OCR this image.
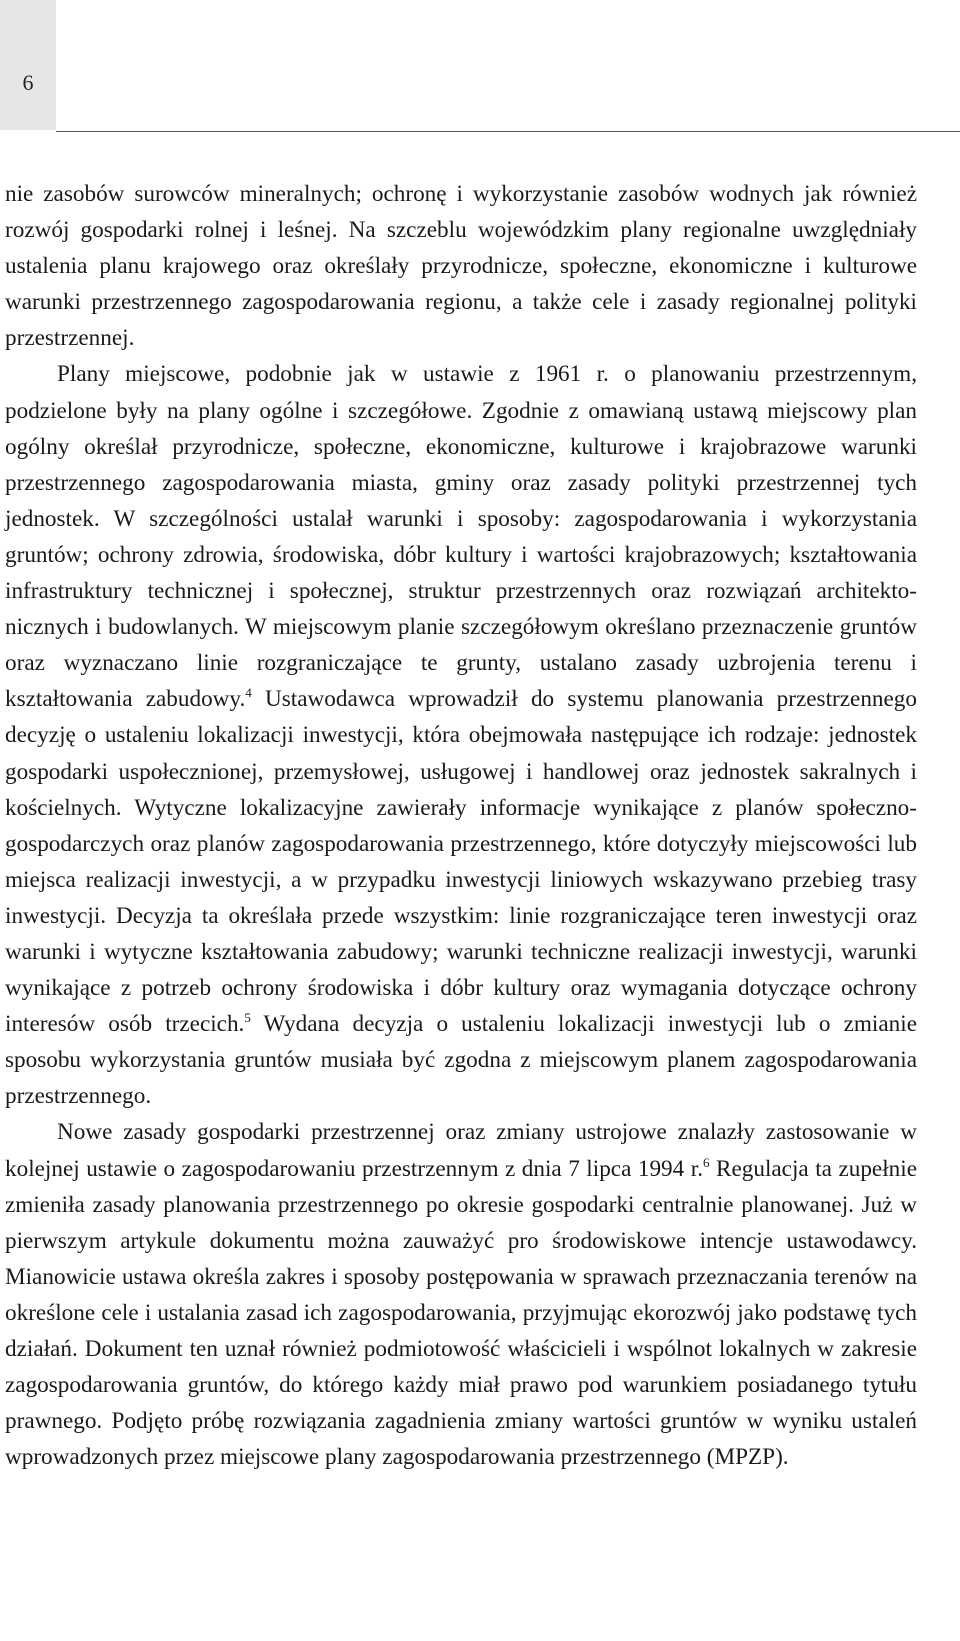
6

nie zasobów surowców mineralnych; ochronę i wykorzystanie zasobów wodnych jak również rozwój gospodarki rolnej i leśnej. Na szczeblu wojewódzkim plany regionalne uwzględniały ustalenia planu krajowego oraz określały przyrodnicze, społeczne, ekonomiczne i kulturowe warunki przestrzennego zagospodarowania regionu, a także cele i zasady regionalnej polityki przestrzennej.

Plany miejscowe, podobnie jak w ustawie z 1961 r. o planowaniu przestrzennym, podzielone były na plany ogólne i szczegółowe. Zgodnie z omawianą ustawą miejscowy plan ogólny określał przyrodnicze, społeczne, ekonomiczne, kulturowe i krajobrazowe warunki przestrzennego zagospodarowania miasta, gminy oraz zasady polityki przestrzennej tych jednostek. W szczególności ustalał warunki i sposoby: zagospodarowania i wykorzystania gruntów; ochrony zdrowia, środowiska, dóbr kultury i wartości krajobrazowych; kształtowania infrastruktury technicznej i społecznej, struktur przestrzennych oraz rozwiązań architektonicznych i budowlanych. W miejscowym planie szczegółowym określano przeznaczenie gruntów oraz wyznaczano linie rozgraniczające te grunty, ustalano zasady uzbrojenia terenu i kształtowania zabudowy.$^4$ Ustawodawca wprowadził do systemu planowania przestrzennego decyzję o ustaleniu lokalizacji inwestycji, która obejmowała następujące ich rodzaje: jednostek gospodarki uspołecznionej, przemysłowej, usługowej i handlowej oraz jednostek sakralnych i kościelnych. Wytyczne lokalizacyjne zawierały informacje wynikające z planów społecznogospodarczych oraz planów zagospodarowania przestrzennego, które dotyczyły miejscowości lub miejsca realizacji inwestycji, a w przypadku inwestycji liniowych wskazywano przebieg trasy inwestycji. Decyzja ta określała przede wszystkim: linie rozgraniczające teren inwestycji oraz warunki i wytyczne kształtowania zabudowy; warunki techniczne realizacji inwestycji, warunki wynikające z potrzeb ochrony środowiska i dóbr kultury oraz wymagania dotyczące ochrony interesów osób trzecich.$^5$ Wydana decyzja o ustaleniu lokalizacji inwestycji lub o zmianie sposobu wykorzystania gruntów musiała być zgodna z miejscowym planem zagospodarowania przestrzennego.

Nowe zasady gospodarki przestrzennej oraz zmiany ustrojowe znalazły zastosowanie w kolejnej ustawie o zagospodarowaniu przestrzennym z dnia 7 lipca 1994 r.$^6$ Regulacja ta zupełnie zmieniła zasady planowania przestrzennego po okresie gospodarki centralnie planowanej. Już w pierwszym artykule dokumentu można zauważyć pro środowiskowe intencje ustawodawcy. Mianowicie ustawa określa zakres i sposoby postępowania w sprawach przeznaczania terenów na określone cele i ustalania zasad ich zagospodarowania, przyjmując ekorozwój jako podstawę tych działań. Dokument ten uznał również podmiotowość właścicieli i wspólnot lokalnych w zakresie zagospodarowania gruntów, do którego każdy miał prawo pod warunkiem posiadanego tytułu prawnego. Podjęto próbę rozwiązania zagadnienia zmiany wartości gruntów w wyniku ustaleń wprowadzonych przez miejscowe plany zagospodarowania przestrzennego (MPZP).
